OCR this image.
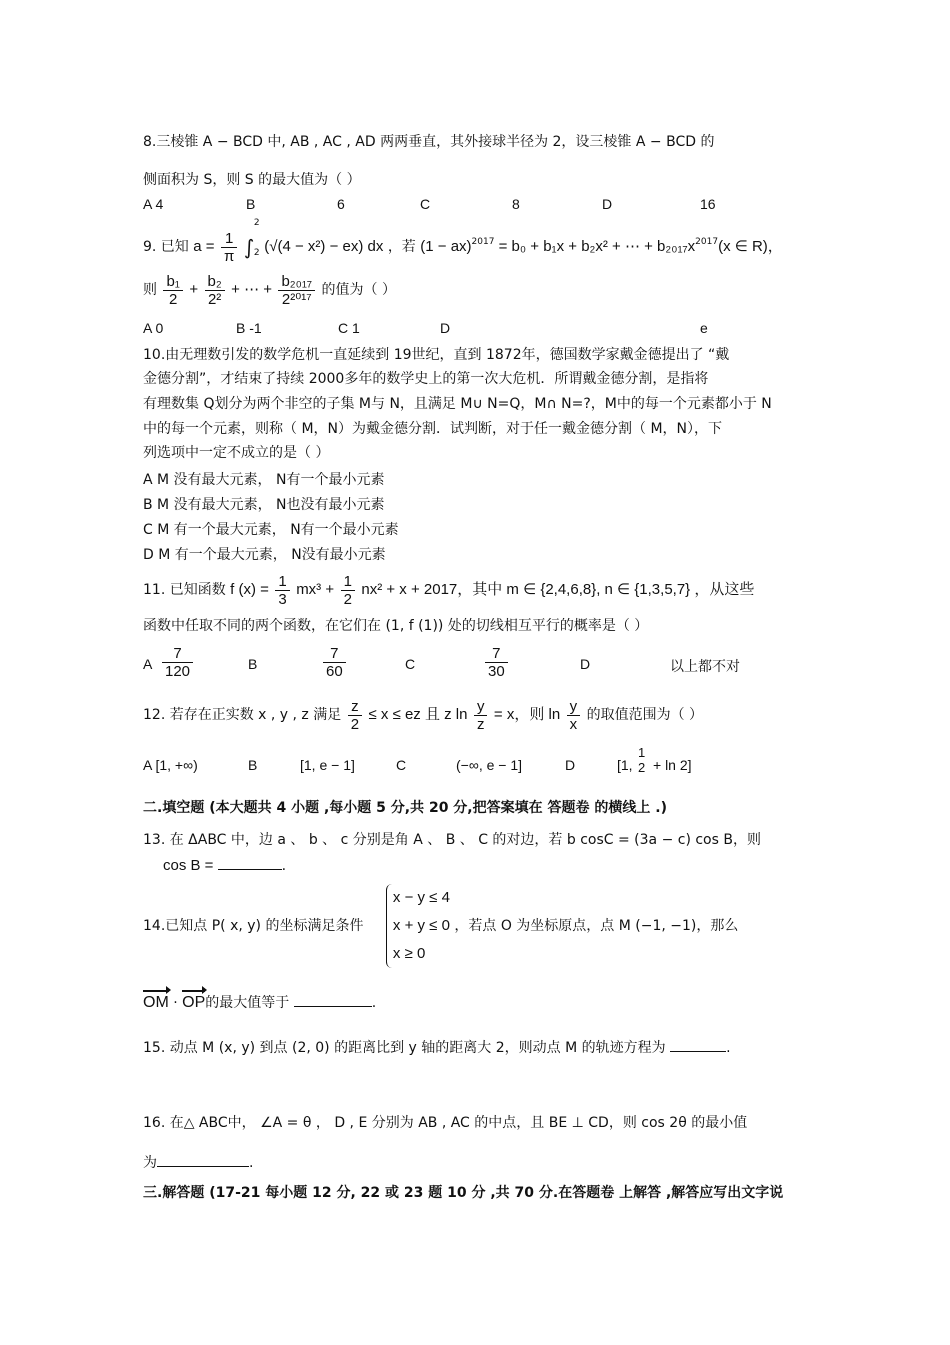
8.三棱锥 A − BCD 中, AB , AC , AD 两两垂直，其外接球半径为 2，设三棱锥 A − BCD 的
侧面积为 S，则 S 的最大值为（ ）
A 4	B	6	C	8	D	16
9. 已知 $a = \frac{1}{\pi}$ ∫
2
2 (√(4 − x²) − ex) dx ，若 (1 − ax)$^{2017}$ = b₀ + b₁x + b₂x² + ⋯ + $b_{2017}x^{2017}(x$ ∈ R)，
则 $\frac{\text{b₁}}{2} + \frac{\text{b₂}}{\text{2²}}$ + ⋯ + $\frac{\text{b₂₀₁₇}}{\text{2²⁰¹⁷}}$ 的值为（ ）
A 0	B -1	C 1	D	e
10.由无理数引发的数学危机一直延续到 19世纪，直到 1872年，德国数学家戴金德提出了 “戴
金德分割”，才结束了持续 2000多年的数学史上的第一次大危机．所谓戴金德分割，是指将
有理数集 Q划分为两个非空的子集 M与 N，且满足 M∪ N=Q，M∩ N=?，M中的每一个元素都小于 N
中的每一个元素，则称（ M，N）为戴金德分割．试判断，对于任一戴金德分割（ M，N），下
列选项中一定不成立的是（ ）
A M 没有最大元素， N有一个最小元素
B M 没有最大元素， N也没有最小元素
C M 有一个最大元素， N有一个最小元素
D M 有一个最大元素， N没有最小元素
11. 已知函数 f $(x) = \frac{1}{3} mx^3 + \frac{1}{2} nx^2 + x + 2017$，其中 m ∈ {2,4,6,8}, n ∈ {1,3,5,7} ，从这些
函数中任取不同的两个函数，在它们在 (1, f (1)) 处的切线相互平行的概率是（ ）
A $\frac{7}{120}$	B	$\frac{7}{60}$	C	$\frac{7}{30}$	D	以上都不对
12. 若存在正实数 x , y , z 满足 $\frac{z}{2} \le x$ ≤ ez 且 z $\ln \frac{y}{z} = x$，则 $\ln \frac{y}{x}$ 的取值范围为（ ）
A [1, +∞)	B	[1, e − 1]	C	(−∞, e − 1]	D	[1,
1
2 + ln 2]
二.填空题 (本大题共 4 小题 ,每小题 5 分,共 20 分,把答案填在 答题卷 的横线上 .)
13. 在 ΔABC 中，边 a 、 b 、 c 分别是角 A 、 B 、 C 的对边，若 b cosC = (3a − c) cos B，则
cos B =	.
14.已知点 P( x, y) 的坐标满足条件
x − y ≤ 4
x + y ≤ 0
x ≥ 0
，若点 O 为坐标原点，点 M (−1, −1)，那么
OM · OP的最大值等于	.
15. 动点 M (x, y) 到点 (2, 0) 的距离比到 y 轴的距离大 2，则动点 M 的轨迹方程为	.
16. 在△ ABC中， ∠A = θ ， D , E 分别为 AB , AC 的中点，且 BE ⊥ CD，则 cos 2θ 的最小值
为	.
三.解答题 (17-21 每小题 12 分, 22 或 23 题 10 分 ,共 70 分.在答题卷 上解答 ,解答应写出文字说
